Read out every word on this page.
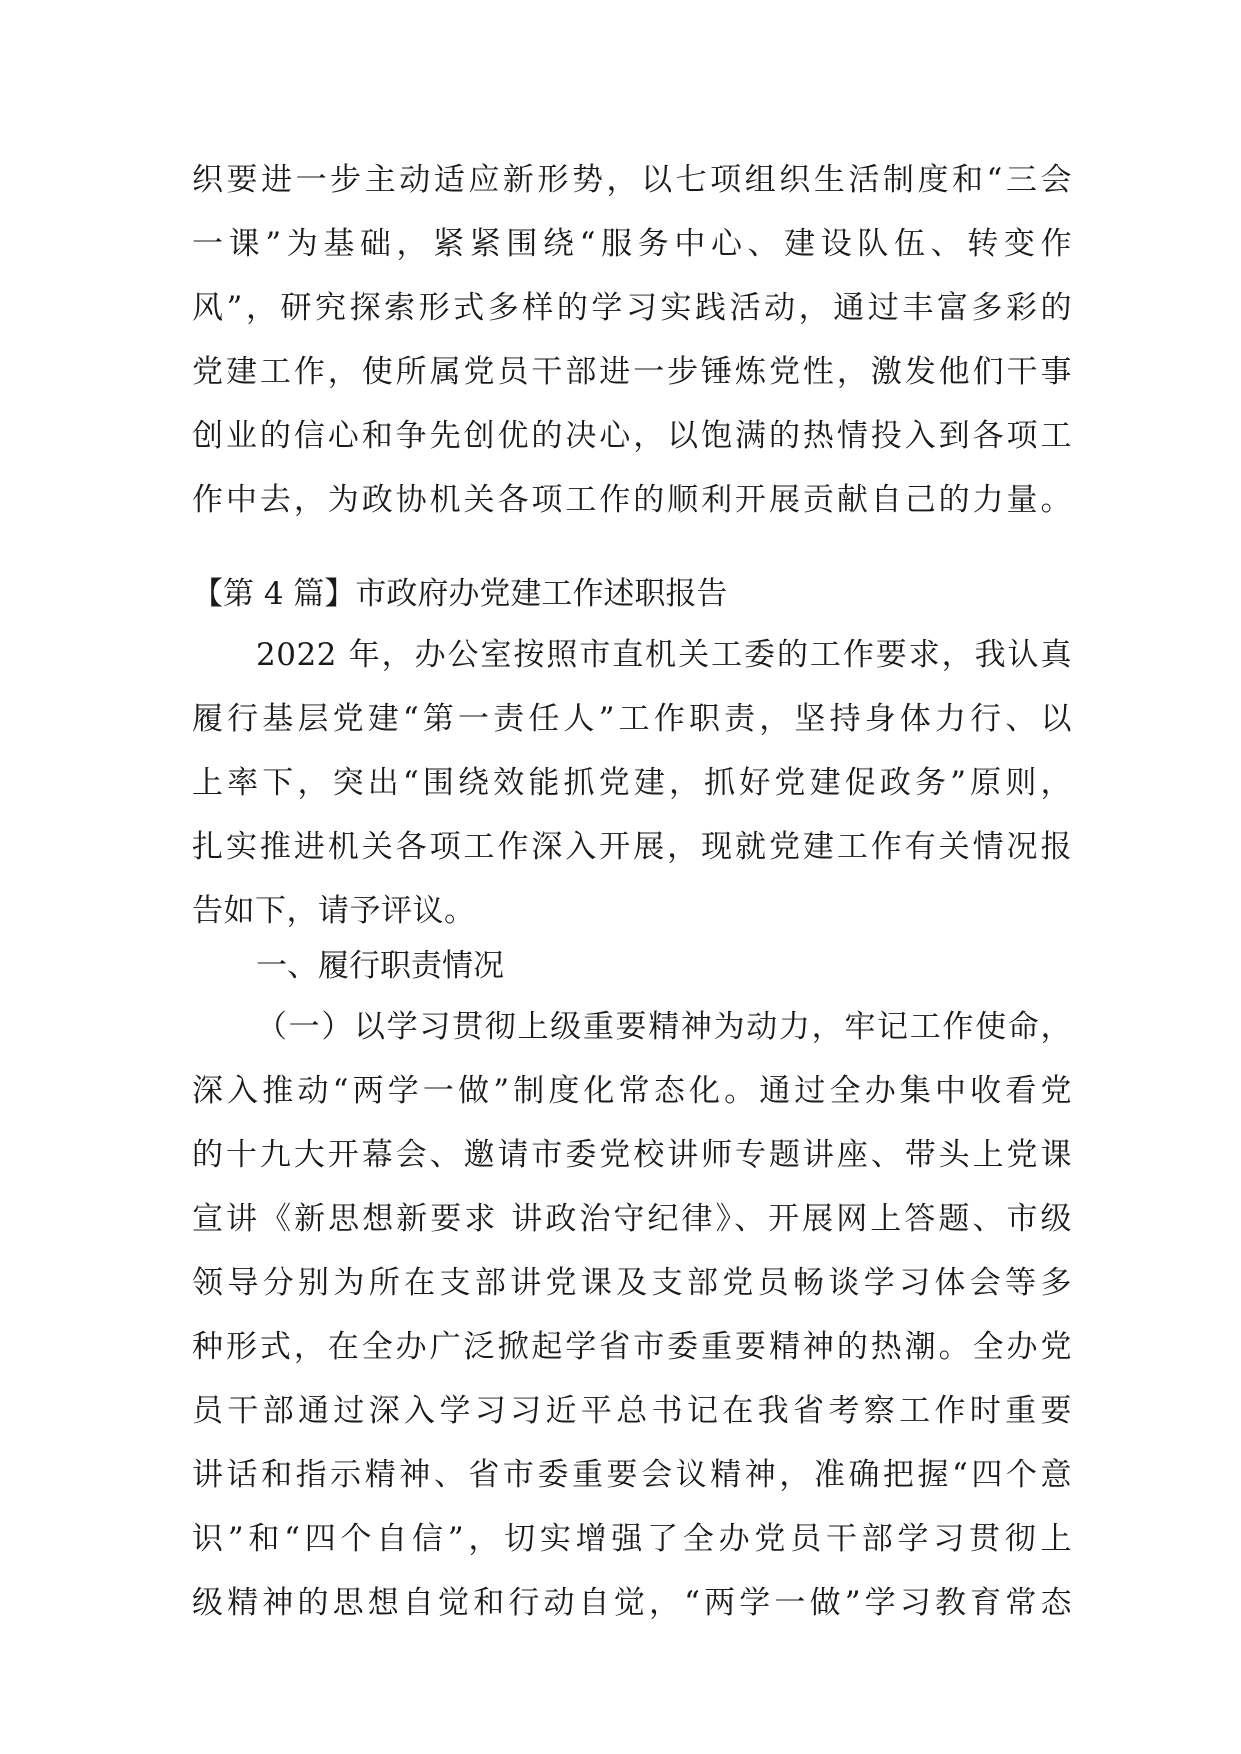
织要进一步主动适应新形势，以七项组织生活制度和“三会
一课”为基础，紧紧围绕“服务中心、建设队伍、转变作
风”，研究探索形式多样的学习实践活动，通过丰富多彩的
党建工作，使所属党员干部进一步锤炼党性，激发他们干事
创业的信心和争先创优的决心，以饱满的热情投入到各项工
作中去，为政协机关各项工作的顺利开展贡献自己的力量。
【第 4 篇】市政府办党建工作述职报告
2022 年，办公室按照市直机关工委的工作要求，我认真
履行基层党建“第一责任人”工作职责，坚持身体力行、以
上率下，突出“围绕效能抓党建，抓好党建促政务”原则，
扎实推进机关各项工作深入开展，现就党建工作有关情况报
告如下，请予评议。
一、履行职责情况
（一）以学习贯彻上级重要精神为动力，牢记工作使命，
深入推动“两学一做”制度化常态化。通过全办集中收看党
的十九大开幕会、邀请市委党校讲师专题讲座、带头上党课
宣讲《新思想新要求 讲政治守纪律》、开展网上答题、市级
领导分别为所在支部讲党课及支部党员畅谈学习体会等多
种形式，在全办广泛掀起学省市委重要精神的热潮。全办党
员干部通过深入学习习近平总书记在我省考察工作时重要
讲话和指示精神、省市委重要会议精神，准确把握“四个意
识”和“四个自信”，切实增强了全办党员干部学习贯彻上
级精神的思想自觉和行动自觉，“两学一做”学习教育常态
